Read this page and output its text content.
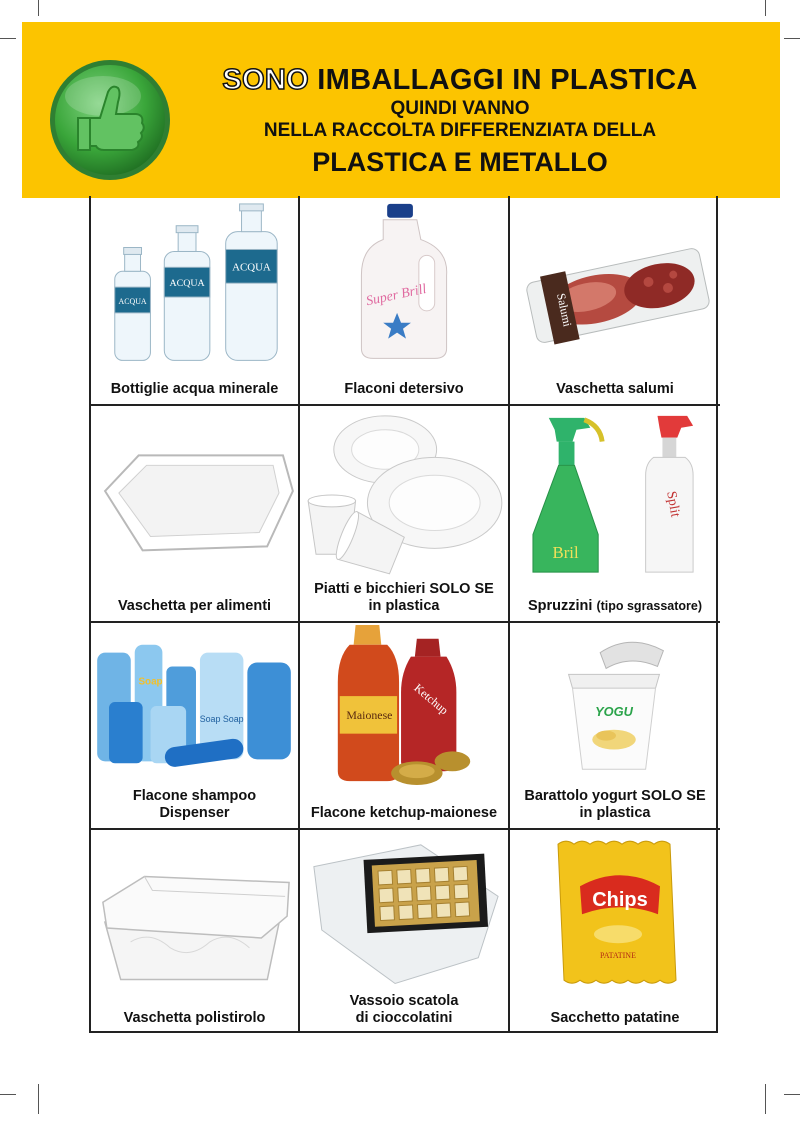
SONO IMBALLAGGI IN PLASTICA
QUINDI VANNO
NELLA RACCOLTA DIFFERENZIATA DELLA
PLASTICA E METALLO
ACQUA
ACQUA
ACQUA
Bottiglie acqua minerale
Super Brill
Flaconi detersivo
Salumi
Vaschetta salumi
Vaschetta per alimenti
Piatti e bicchieri SOLO SE
in plastica
Bril
Split
Spruzzini (tipo sgrassatore)
Soap
Soap Soap
Flacone shampoo
Dispenser
Maionese Ketchup
Flacone ketchup-maionese
YOGU
Barattolo yogurt SOLO SE
in plastica
Vaschetta polistirolo
Vassoio scatola
di cioccolatini
Chips
PATATINE
Sacchetto patatine
